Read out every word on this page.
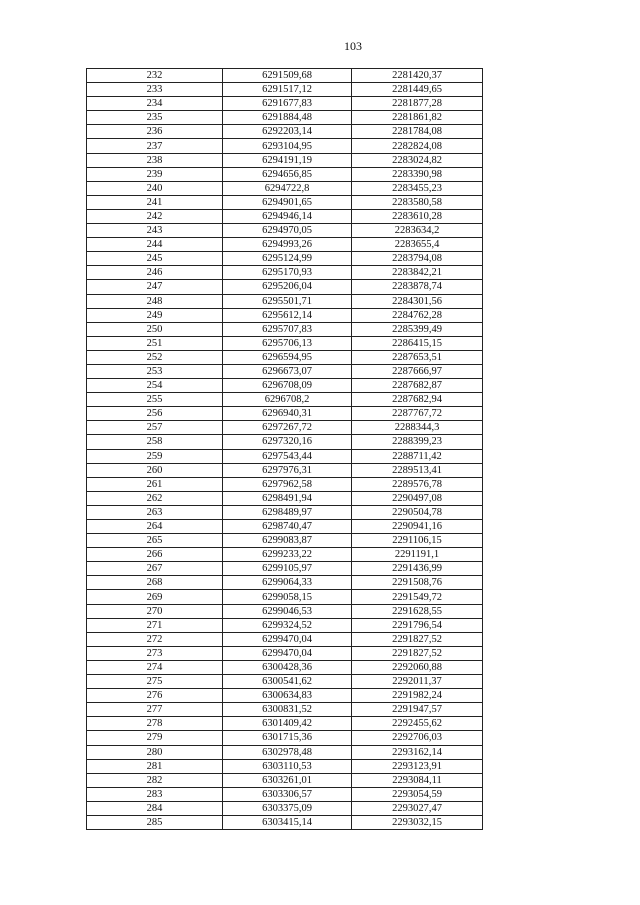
103
232	6291509,68	2281420,37
233	6291517,12	2281449,65
234	6291677,83	2281877,28
235	6291884,48	2281861,82
236	6292203,14	2281784,08
237	6293104,95	2282824,08
238	6294191,19	2283024,82
239	6294656,85	2283390,98
240	6294722,8	2283455,23
241	6294901,65	2283580,58
242	6294946,14	2283610,28
243	6294970,05	2283634,2
244	6294993,26	2283655,4
245	6295124,99	2283794,08
246	6295170,93	2283842,21
247	6295206,04	2283878,74
248	6295501,71	2284301,56
249	6295612,14	2284762,28
250	6295707,83	2285399,49
251	6295706,13	2286415,15
252	6296594,95	2287653,51
253	6296673,07	2287666,97
254	6296708,09	2287682,87
255	6296708,2	2287682,94
256	6296940,31	2287767,72
257	6297267,72	2288344,3
258	6297320,16	2288399,23
259	6297543,44	2288711,42
260	6297976,31	2289513,41
261	6297962,58	2289576,78
262	6298491,94	2290497,08
263	6298489,97	2290504,78
264	6298740,47	2290941,16
265	6299083,87	2291106,15
266	6299233,22	2291191,1
267	6299105,97	2291436,99
268	6299064,33	2291508,76
269	6299058,15	2291549,72
270	6299046,53	2291628,55
271	6299324,52	2291796,54
272	6299470,04	2291827,52
273	6299470,04	2291827,52
274	6300428,36	2292060,88
275	6300541,62	2292011,37
276	6300634,83	2291982,24
277	6300831,52	2291947,57
278	6301409,42	2292455,62
279	6301715,36	2292706,03
280	6302978,48	2293162,14
281	6303110,53	2293123,91
282	6303261,01	2293084,11
283	6303306,57	2293054,59
284	6303375,09	2293027,47
285	6303415,14	2293032,15
